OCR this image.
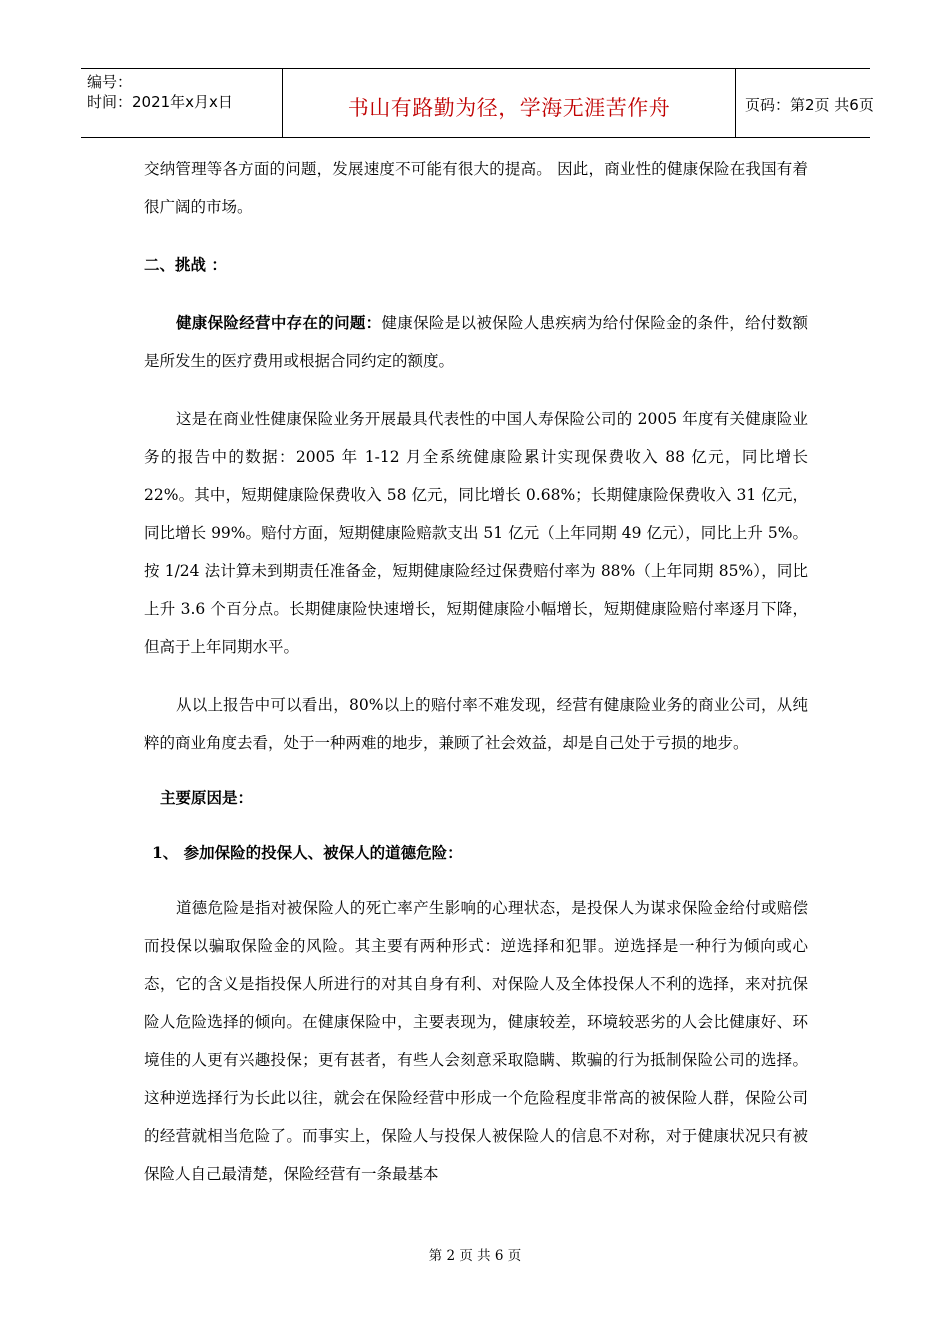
编号：
时间：2021年x月x日	书山有路勤为径，学海无涯苦作舟	页码：第2页 共6页

交纳管理等各方面的问题，发展速度不可能有很大的提高。 因此，商业性的健康保险在我国有着很广阔的市场。

二、挑战 ：

健康保险经营中存在的问题：健康保险是以被保险人患疾病为给付保险金的条件，给付数额是所发生的医疗费用或根据合同约定的额度。

这是在商业性健康保险业务开展最具代表性的中国人寿保险公司的 2005 年度有关健康险业务的报告中的数据：2005 年 1-12 月全系统健康险累计实现保费收入 88 亿元，同比增长 22%。其中，短期健康险保费收入 58 亿元，同比增长 0.68%；长期健康险保费收入 31 亿元，同比增长 99%。赔付方面，短期健康险赔款支出 51 亿元（上年同期 49 亿元），同比上升 5%。按 1/24 法计算未到期责任准备金，短期健康险经过保费赔付率为 88%（上年同期 85%），同比上升 3.6 个百分点。长期健康险快速增长，短期健康险小幅增长，短期健康险赔付率逐月下降，但高于上年同期水平。

从以上报告中可以看出，80%以上的赔付率不难发现，经营有健康险业务的商业公司，从纯粹的商业角度去看，处于一种两难的地步，兼顾了社会效益，却是自己处于亏损的地步。

主要原因是：

1、 参加保险的投保人、被保人的道德危险：

道德危险是指对被保险人的死亡率产生影响的心理状态，是投保人为谋求保险金给付或赔偿而投保以骗取保险金的风险。其主要有两种形式：逆选择和犯罪。逆选择是一种行为倾向或心态，它的含义是指投保人所进行的对其自身有利、对保险人及全体投保人不利的选择，来对抗保险人危险选择的倾向。在健康保险中，主要表现为，健康较差，环境较恶劣的人会比健康好、环境佳的人更有兴趣投保；更有甚者，有些人会刻意采取隐瞒、欺骗的行为抵制保险公司的选择。这种逆选择行为长此以往，就会在保险经营中形成一个危险程度非常高的被保险人群，保险公司的经营就相当危险了。而事实上，保险人与投保人被保险人的信息不对称，对于健康状况只有被保险人自己最清楚，保险经营有一条最基本

第 2 页 共 6 页
